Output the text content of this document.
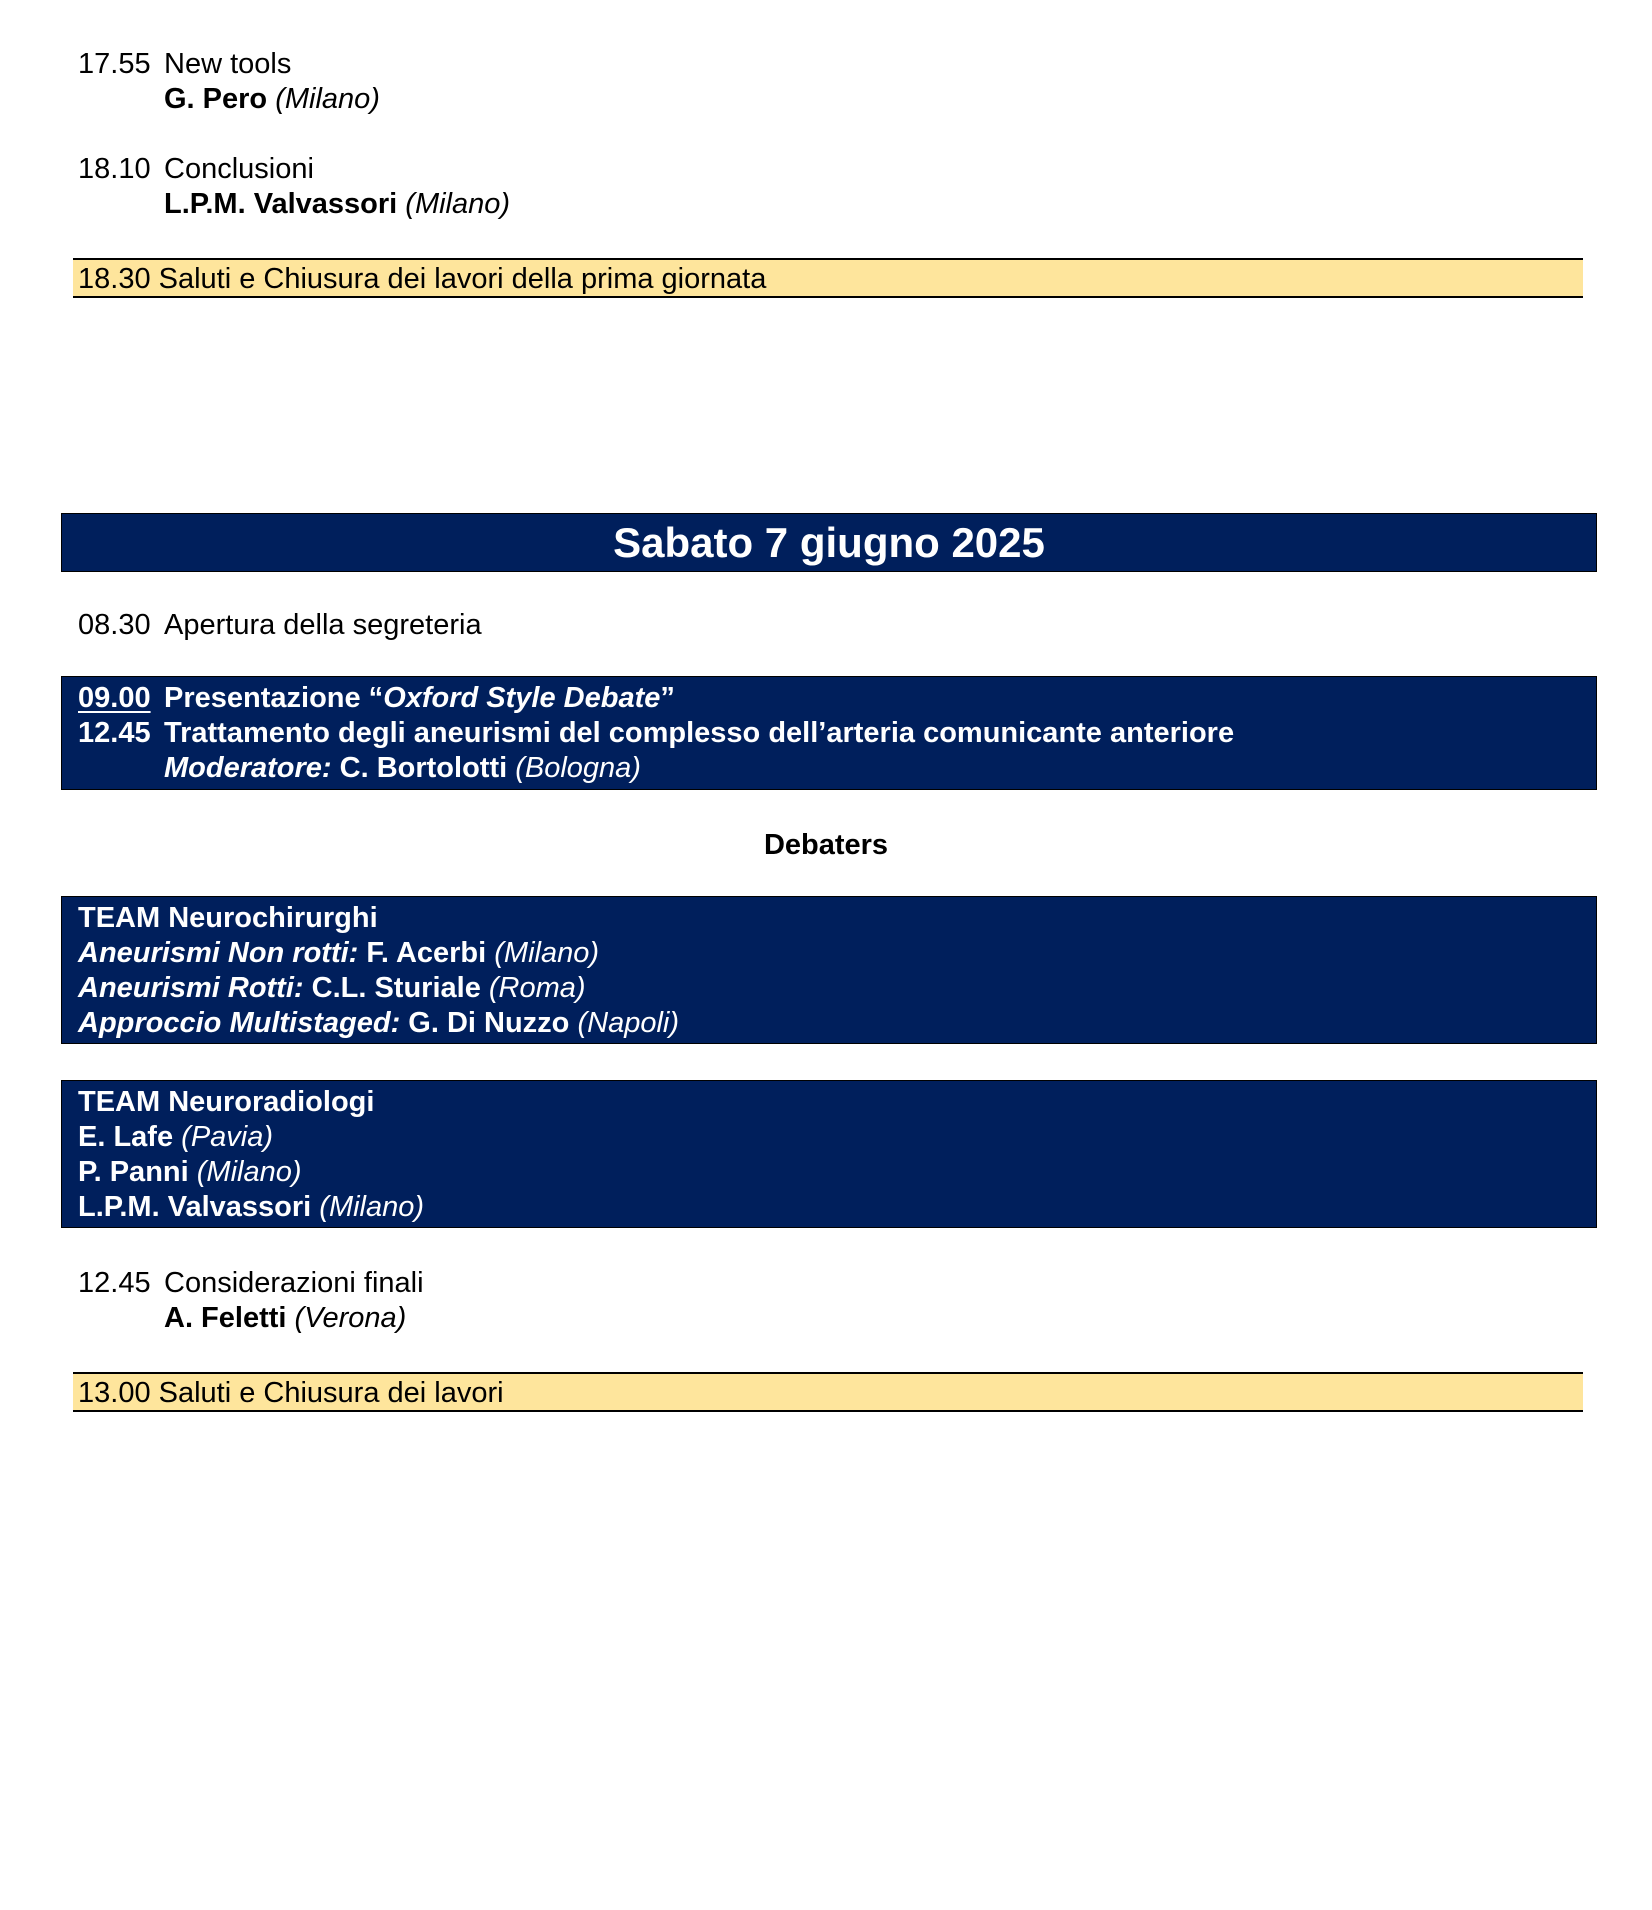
17.55 New tools
G. Pero (Milano)
18.10 Conclusioni
L.P.M. Valvassori (Milano)
18.30 Saluti e Chiusura dei lavori della prima giornata
Sabato 7 giugno 2025
08.30 Apertura della segreteria
09.00 Presentazione “Oxford Style Debate”
12.45 Trattamento degli aneurismi del complesso dell’arteria comunicante anteriore
Moderatore: C. Bortolotti (Bologna)
Debaters
TEAM Neurochirurghi
Aneurismi Non rotti: F. Acerbi (Milano)
Aneurismi Rotti: C.L. Sturiale (Roma)
Approccio Multistaged: G. Di Nuzzo (Napoli)
TEAM Neuroradiologi
E. Lafe (Pavia)
P. Panni (Milano)
L.P.M. Valvassori (Milano)
12.45 Considerazioni finali
A. Feletti (Verona)
13.00 Saluti e Chiusura dei lavori
